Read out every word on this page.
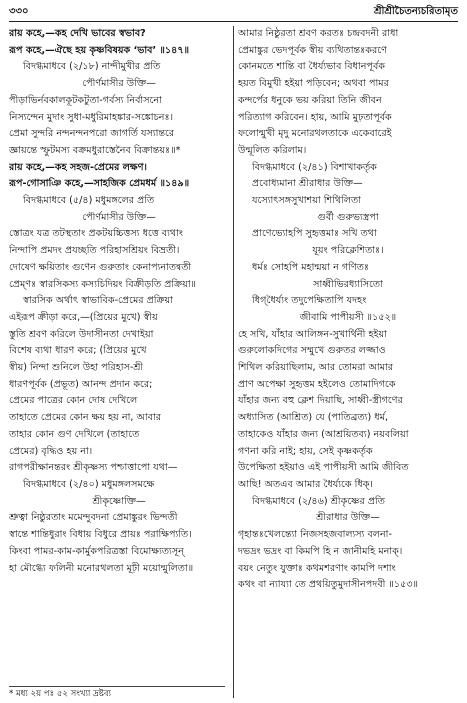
৩৩০	শ্রীশ্রীচৈতন্যচরিতামৃত
রায় কহে,—কহ দেখি ভাবের স্বভাব?
রূপ কহে,—ঐছে হয় কৃষ্ণবিষয়ক ‘ভাব’ ॥১৪৭॥
বিদগ্ধমাধবে (২/১৮) নান্দীমুখীর প্রতি
পৌর্ণমাসীর উক্তি—
পীড়াভির্নবকালকূটকটুতা-গর্বস্য নির্বাসনো
নিস্যন্দেন মুদাং সুধা-মধুরিমাহঙ্কার-সঙ্কোচনঃ।
প্রেমা সুন্দরি নন্দনন্দনপরো জাগর্তি যস্যান্তরে
জ্ঞায়ন্তে স্ফুটমস্য বক্রমধুরাস্তেনৈব বিক্রান্তয়ঃ॥*
রায় কহে,—কহ সহজ-প্রেমের লক্ষণ।
রূপ-গোসাঞি কহে,—সাহজিক প্রেমধর্ম ॥১৪৯॥
বিদগ্ধমাধবে (৫/৪) মধুমঙ্গলের প্রতি
পৌর্ণমাসীর উক্তি—
স্তোত্রং যত্র তটস্থতাং প্রকটয়চ্চিত্তস্য ধত্তে ব্যথাং
নিন্দাপি প্রমদং প্রযচ্ছতি পরিহাসশ্রিয়ং বিভ্রতী।
দোষেণ ক্ষয়িতাং গুণেন গুরুতাং কেনাপ্যনাতন্বতী
প্রেম্ণঃ স্বারসিকস্য কস্যচিদিয়ং বিক্রীড়তি প্রক্রিয়া॥
স্বারসিক অর্থাৎ স্বাভাবিক-প্রেমের প্রক্রিয়া
এইরূপ ক্রীড়া করে,—(প্রিয়ের মুখে) স্বীয়
স্তুতি শ্রবণ করিলে উদাসীনতা দেখাইয়া
বিশেষ ব্যথা ধারণ করে; (প্রিয়ের মুখে
স্বীয়) নিন্দা শুনিলে উহা পরিহাস-শ্রী
ধারণপূর্বক (প্রভূত) আনন্দ প্রদান করে;
প্রেমের পাত্রের কোন দোষ দেখিলে
তাহাতে প্রেমের কোন ক্ষয় হয় না, আবার
তাহার কোন গুণ দেখিলে (তাহাতে
প্রেমের) বৃদ্ধিও হয় না।
রাগপরীক্ষানন্তরং শ্রীকৃষ্ণস্য পশ্চাত্তাপো যথা—
বিদগ্ধমাধবে (২/৪০) মধুমঙ্গলসমক্ষে
শ্রীকৃষ্ণোক্তি—
শ্রুত্বা নিষ্ঠুরতাং মমেন্দুবদনা প্রেমাঙ্কুরং ভিন্দতী
স্বান্তে শান্তিধুরাং বিধায় বিধুরে প্রায়ঃ পরাক্ষিপ্যতি।
কিংবা পামর-কাম-কার্মুকপরিত্রস্তা বিমোক্ষ্যত্যসূন্
হা মৌগ্ধ্যে ফলিনী মনোরথলতা মূঢ়ী ময়োন্মুলিতা॥
আমার নিষ্ঠুরতা শ্রবণ করতঃ চন্দ্রবদনী রাধা
প্রেমাঙ্কুর ভেদপূর্বক স্বীয় ব্যথিতান্তঃকরণে
কোনমতে শান্তি বা ধৈর্য্যভাব বিধানপূর্বক
হয়ত বিমুখী হইয়া পড়িবেন; অথবা পামর
কন্দর্পের ধনুকে ভয় করিয়া তিনি জীবন
পরিত্যাগ করিবেন। হায়, আমি মুঢ়তাপূর্বক
ফলোন্মুখী মৃদু মনোরথলতাকে একেবারেই
উন্মূলিত করিলাম।
বিদগ্ধমাধবে (২/৪১) বিশাখাকর্তৃক
প্রবোধ্যমানা শ্রীরাধার উক্তি—
যস্যোৎসঙ্গসুখাশয়া শিথিলিতা
গুর্বী গুরুভ্যস্ত্রপা
প্রাণেভ্যোহপি সুহৃত্তমাঃ সখি তথা
যূয়ং পরিক্লেশিতাঃ।
ধর্মঃ সোহপি মহান্ময়া ন গণিতঃ
সাধ্বীভিরধ্যাসিতো
ধিগ্‌ধৈর্য্যং তদুপেক্ষিতাপি যদহং
জীবামি পাপীয়সী ॥১৫২॥
হে সখি, যাঁহার আলিঙ্গন-সুখার্থিনী হইয়া
গুরুলোকদিগের সম্মুখে গুরুতর লজ্জাও
শিথিল করিয়াছিলাম, আর তোমরা আমার
প্রাণ অপেক্ষা সুহৃত্তম হইলেও তোমাদিগকে
যাঁহার জন্য বহু ক্লেশ দিয়াছি, সাধ্বী-স্ত্রীগণের
অধ্যাসিত (আশ্রিত) যে (পাতিব্রত্য) ধর্ম,
তাহাকেও যাঁহার জন্য (আশ্রয়িতব্য) নয়বলিয়া
গণনা করি নাই; হায়, সেই কৃষ্ণকর্তৃক
উপেক্ষিতা হইয়াও এই পাপীয়সী আমি জীবিত
আছি! অতএব আমার ধৈর্য্যকে ধিক্।
বিদগ্ধমাধবে (২/৪৬) শ্রীকৃষ্ণের প্রতি
শ্রীরাধার উক্তি—
গৃহান্তঃখেলন্ত্যো নিজসহজবাল্যস্য বলনা-
দভদ্রং ভদ্রং বা কিমপি হি ন জানীমহি মনাক্।
বয়ং নেতুং যুক্তাঃ কথমশরণাং কামপি দশাং
কথং বা ন্যায্যা তে প্রথয়িতুমুদাসীনপদবী ॥১৫৩॥
* মধ্য ২য় পঃ ৫২ সংখ্যা দ্রষ্টব্য
